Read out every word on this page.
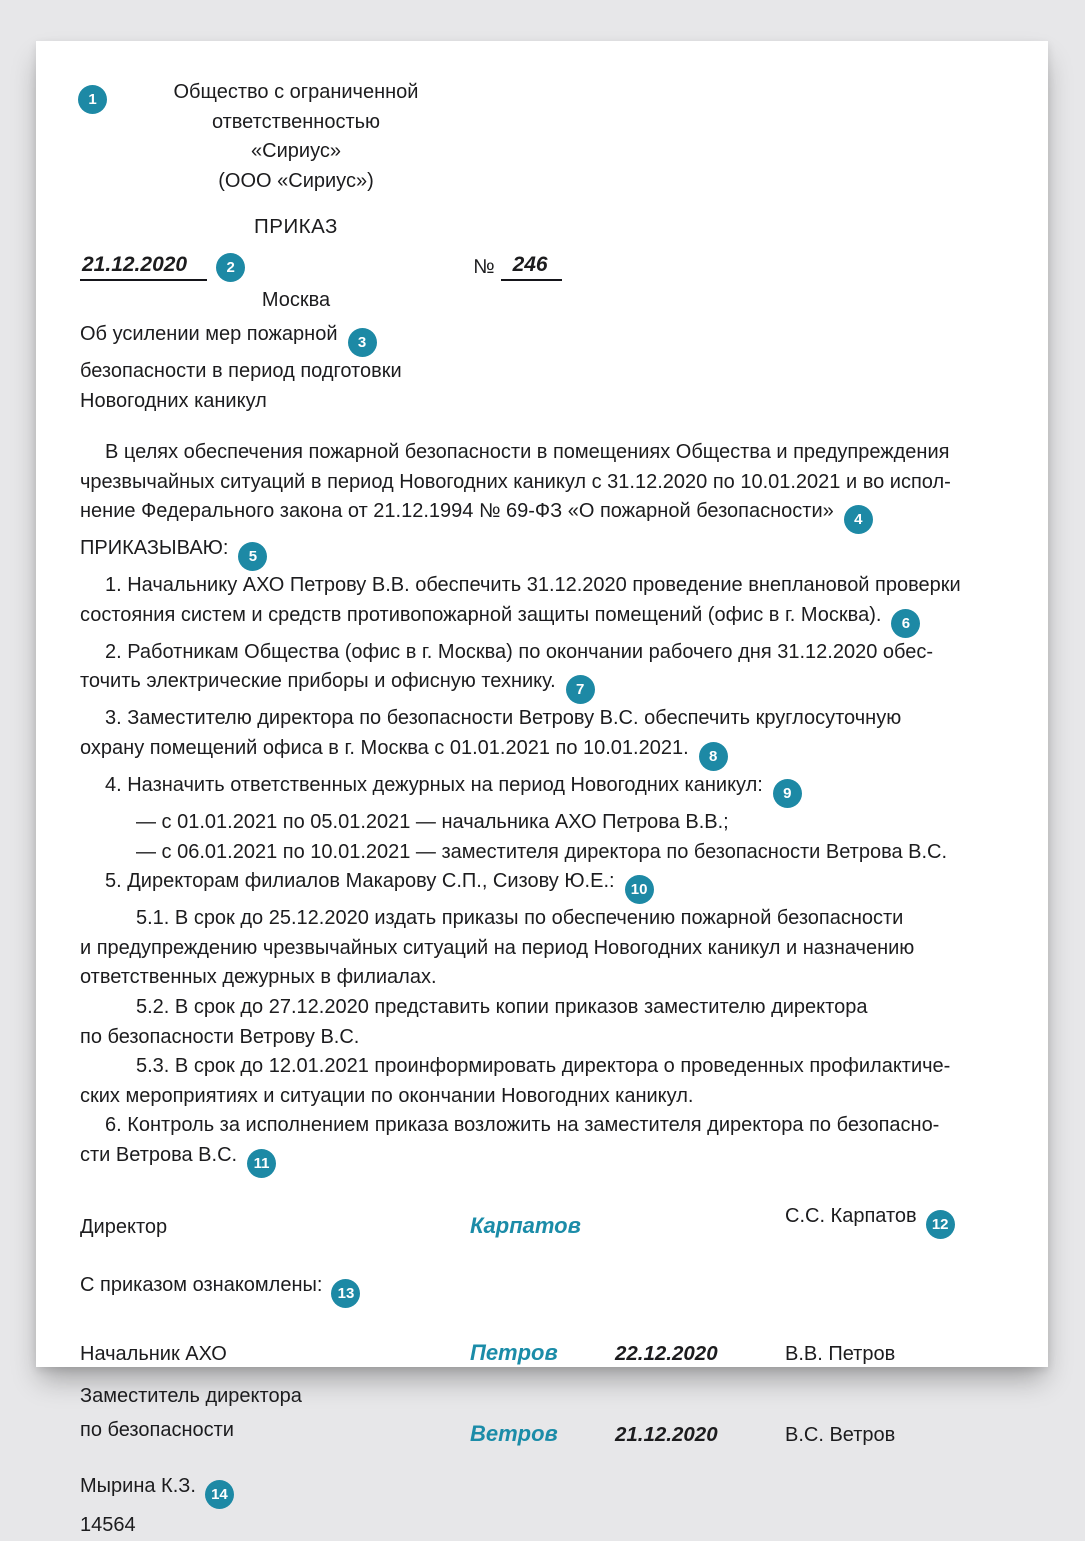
1	Общество с ограниченной
ответственностью
«Сириус»
(ООО «Сириус»)
ПРИКАЗ
21.12.2020	2	№ 246
Москва
Об усилении мер пожарной 3
безопасности в период подготовки
Новогодних каникул
В целях обеспечения пожарной безопасности в помещениях Общества и предупреждения
чрезвычайных ситуаций в период Новогодних каникул с 31.12.2020 по 10.01.2021 и во испол-
нение Федерального закона от 21.12.1994 № 69-ФЗ «О пожарной безопасности» 4
ПРИКАЗЫВАЮ: 5
1. Начальнику АХО Петрову В.В. обеспечить 31.12.2020 проведение внеплановой проверки
состояния систем и средств противопожарной защиты помещений (офис в г. Москва). 6
2. Работникам Общества (офис в г. Москва) по окончании рабочего дня 31.12.2020 обес-
точить электрические приборы и офисную технику. 7
3. Заместителю директора по безопасности Ветрову В.С. обеспечить круглосуточную
охрану помещений офиса в г. Москва с 01.01.2021 по 10.01.2021. 8
4. Назначить ответственных дежурных на период Новогодних каникул: 9
— с 01.01.2021 по 05.01.2021 — начальника АХО Петрова В.В.;
— с 06.01.2021 по 10.01.2021 — заместителя директора по безопасности Ветрова В.С.
5. Директорам филиалов Макарову С.П., Сизову Ю.Е.: 10
5.1. В срок до 25.12.2020 издать приказы по обеспечению пожарной безопасности
и предупреждению чрезвычайных ситуаций на период Новогодних каникул и назначению
ответственных дежурных в филиалах.
5.2. В срок до 27.12.2020 представить копии приказов заместителю директора
по безопасности Ветрову В.С.
5.3. В срок до 12.01.2021 проинформировать директора о проведенных профилактиче-
ских мероприятиях и ситуации по окончании Новогодних каникул.
6. Контроль за исполнением приказа возложить на заместителя директора по безопасно-
сти Ветрова В.С. 11
Директор	Карпатов	С.С. Карпатов 12
С приказом ознакомлены: 13
Начальник АХО	Петров	22.12.2020	В.В. Петров
Заместитель директора
по безопасности	Ветров	21.12.2020	В.С. Ветров
Мырина К.З. 14
14564
